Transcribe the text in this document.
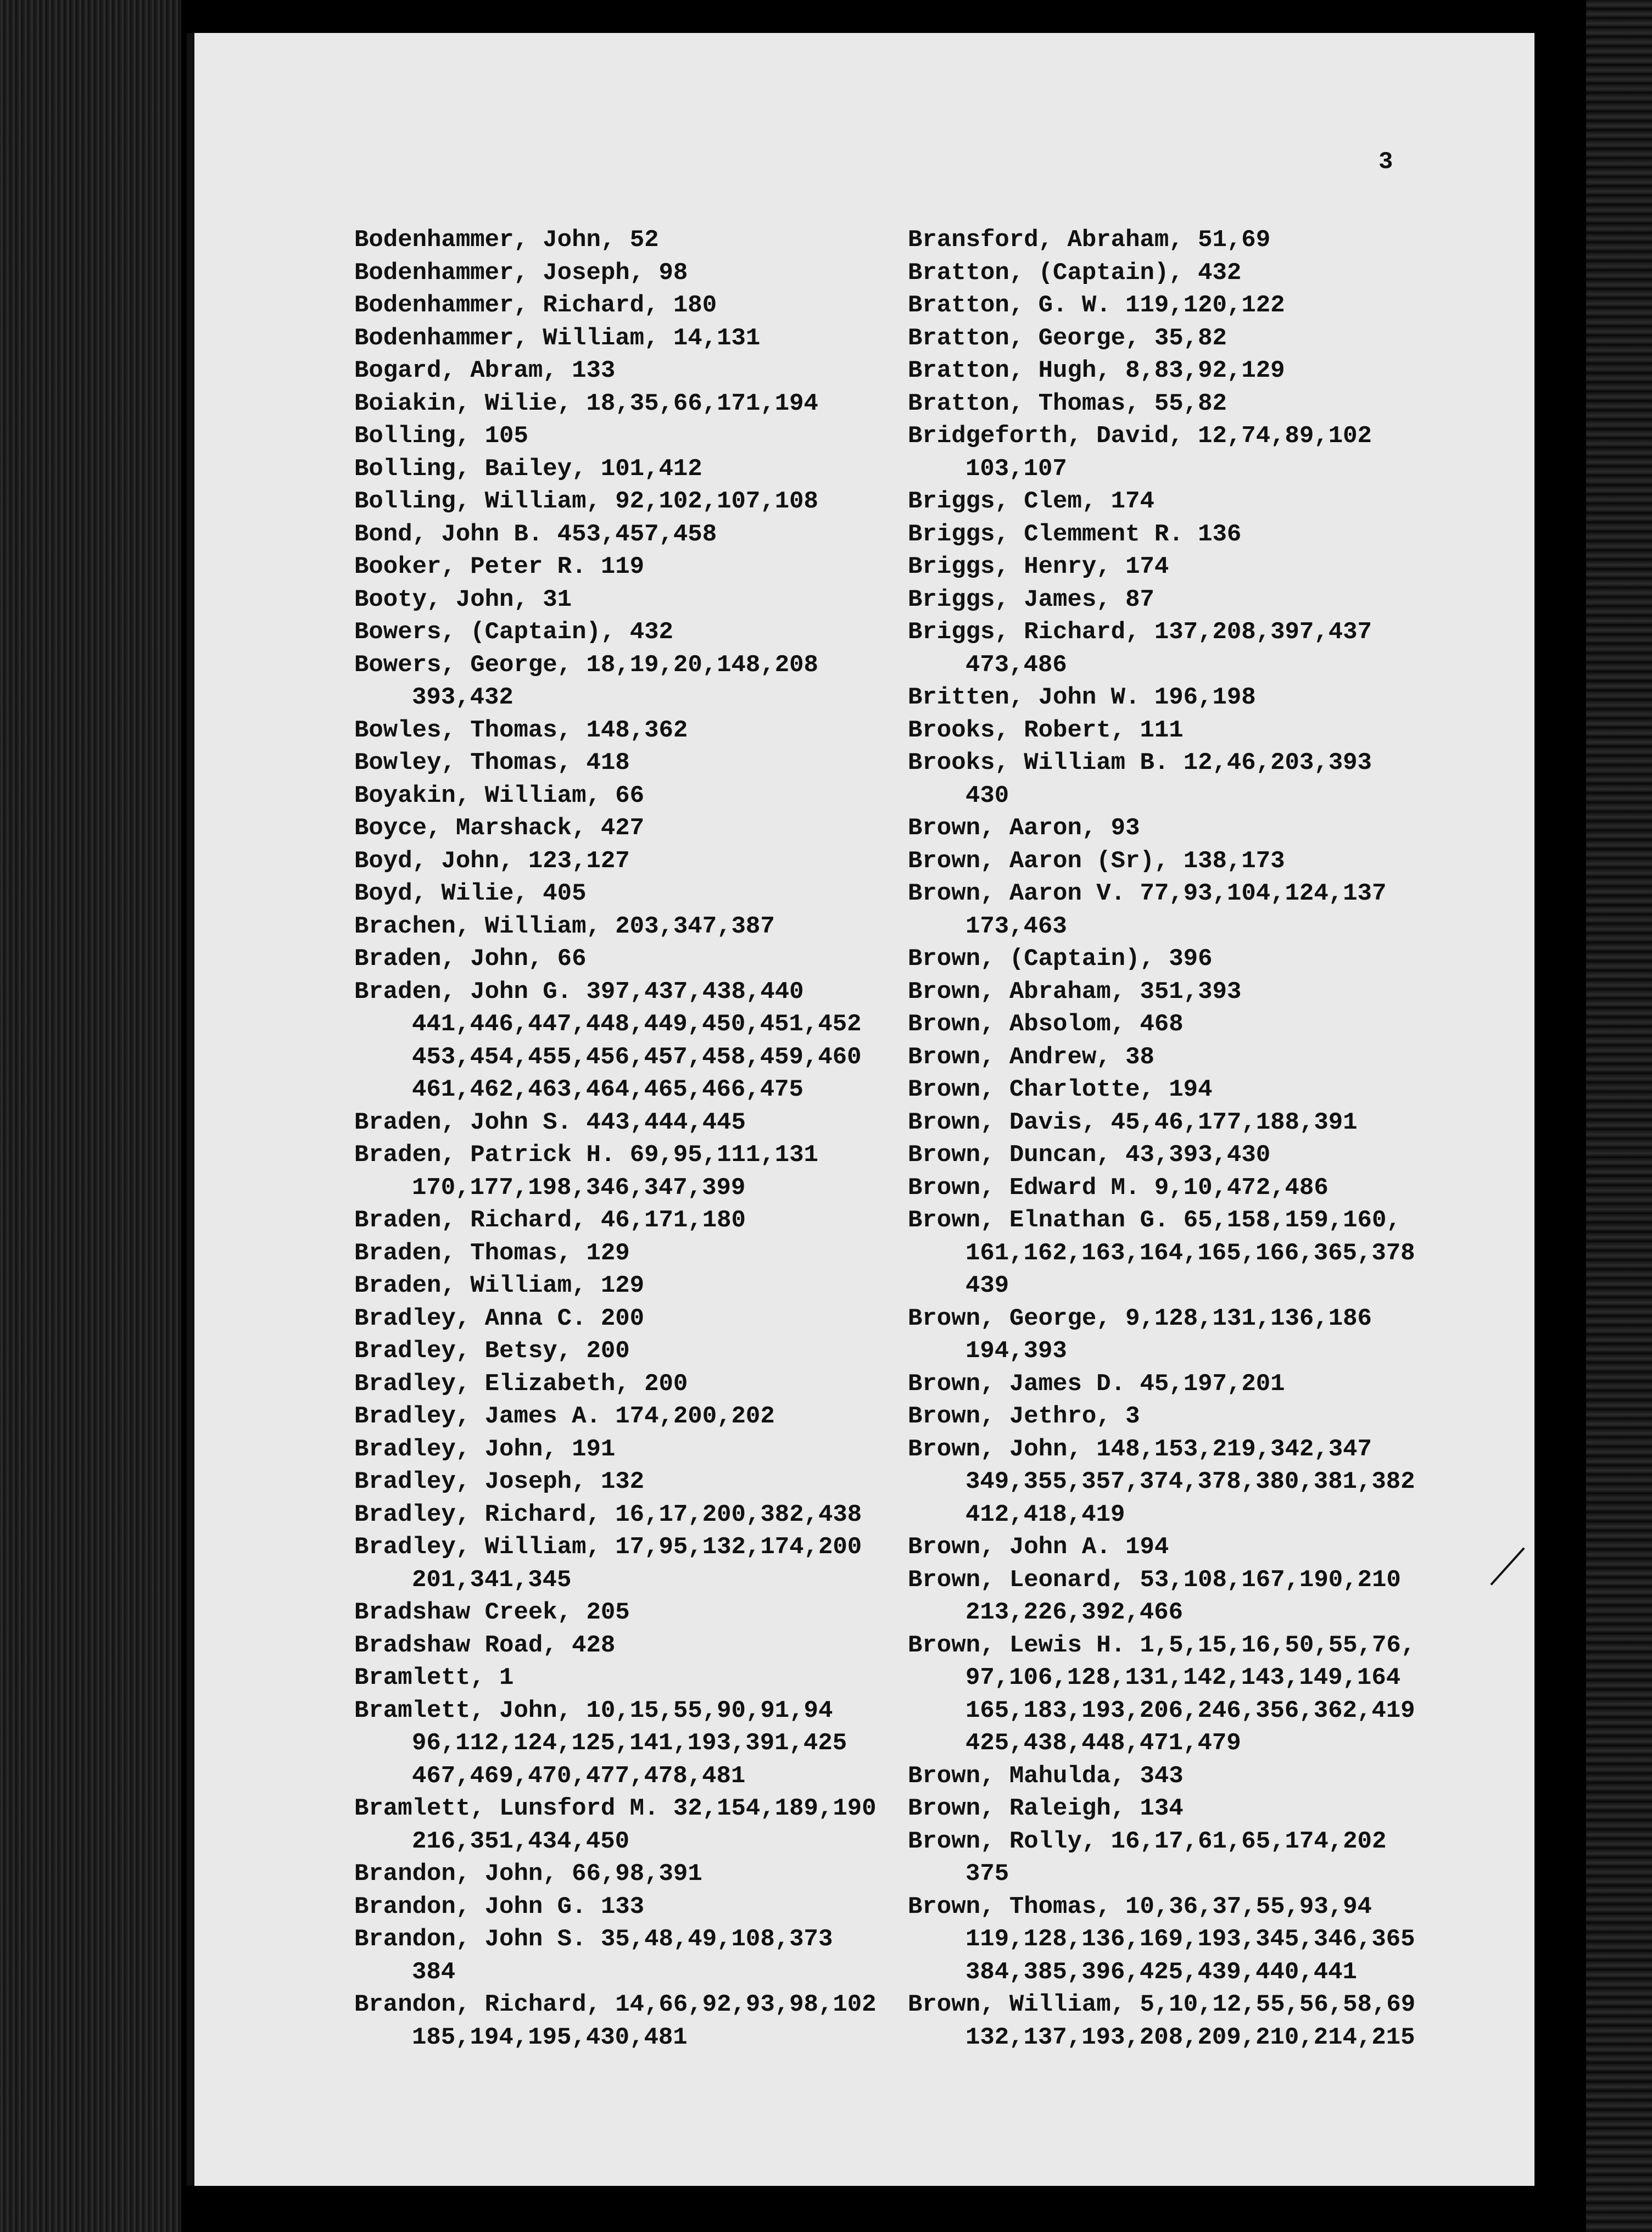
3

Bodenhammer, John, 52

Bodenhammer, Joseph, 98

Bodenhammer, Richard, 180

Bodenhammer, William, 14,131

Bogard, Abram, 133

Boiakin, Wilie, 18,35,66,171,194

Bolling, 105

Bolling, Bailey, 101,412

Bolling, William, 92,102,107,108

Bond, John B. 453,457,458

Booker, Peter R. 119

Booty, John, 31

Bowers, (Captain), 432

Bowers, George, 18,19,20,148,208
393,432

Bowles, Thomas, 148,362

Bowley, Thomas, 418

Boyakin, William, 66

Boyce, Marshack, 427

Boyd, John, 123,127

Boyd, Wilie, 405

Brachen, William, 203,347,387

Braden, John, 66

Braden, John G. 397,437,438,440
441,446,447,448,449,450,451,452
453,454,455,456,457,458,459,460
461,462,463,464,465,466,475

Braden, John S. 443,444,445

Braden, Patrick H. 69,95,111,131
170,177,198,346,347,399

Braden, Richard, 46,171,180

Braden, Thomas, 129

Braden, William, 129

Bradley, Anna C. 200

Bradley, Betsy, 200

Bradley, Elizabeth, 200

Bradley, James A. 174,200,202

Bradley, John, 191

Bradley, Joseph, 132

Bradley, Richard, 16,17,200,382,438

Bradley, William, 17,95,132,174,200
201,341,345

Bradshaw Creek, 205

Bradshaw Road, 428

Bramlett, 1

Bramlett, John, 10,15,55,90,91,94
96,112,124,125,141,193,391,425
467,469,470,477,478,481

Bramlett, Lunsford M. 32,154,189,190
216,351,434,450

Brandon, John, 66,98,391

Brandon, John G. 133

Brandon, John S. 35,48,49,108,373
384

Brandon, Richard, 14,66,92,93,98,102
185,194,195,430,481

Bransford, Abraham, 51,69

Bratton, (Captain), 432

Bratton, G. W. 119,120,122

Bratton, George, 35,82

Bratton, Hugh, 8,83,92,129

Bratton, Thomas, 55,82

Bridgeforth, David, 12,74,89,102
103,107

Briggs, Clem, 174

Briggs, Clemment R. 136

Briggs, Henry, 174

Briggs, James, 87

Briggs, Richard, 137,208,397,437
473,486

Britten, John W. 196,198

Brooks, Robert, 111

Brooks, William B. 12,46,203,393
430

Brown, Aaron, 93

Brown, Aaron (Sr), 138,173

Brown, Aaron V. 77,93,104,124,137
173,463

Brown, (Captain), 396

Brown, Abraham, 351,393

Brown, Absolom, 468

Brown, Andrew, 38

Brown, Charlotte, 194

Brown, Davis, 45,46,177,188,391

Brown, Duncan, 43,393,430

Brown, Edward M. 9,10,472,486

Brown, Elnathan G. 65,158,159,160,
161,162,163,164,165,166,365,378
439

Brown, George, 9,128,131,136,186
194,393

Brown, James D. 45,197,201

Brown, Jethro, 3

Brown, John, 148,153,219,342,347
349,355,357,374,378,380,381,382
412,418,419

Brown, John A. 194

Brown, Leonard, 53,108,167,190,210
213,226,392,466

Brown, Lewis H. 1,5,15,16,50,55,76,
97,106,128,131,142,143,149,164
165,183,193,206,246,356,362,419
425,438,448,471,479

Brown, Mahulda, 343

Brown, Raleigh, 134

Brown, Rolly, 16,17,61,65,174,202
375

Brown, Thomas, 10,36,37,55,93,94
119,128,136,169,193,345,346,365
384,385,396,425,439,440,441

Brown, William, 5,10,12,55,56,58,69
132,137,193,208,209,210,214,215
